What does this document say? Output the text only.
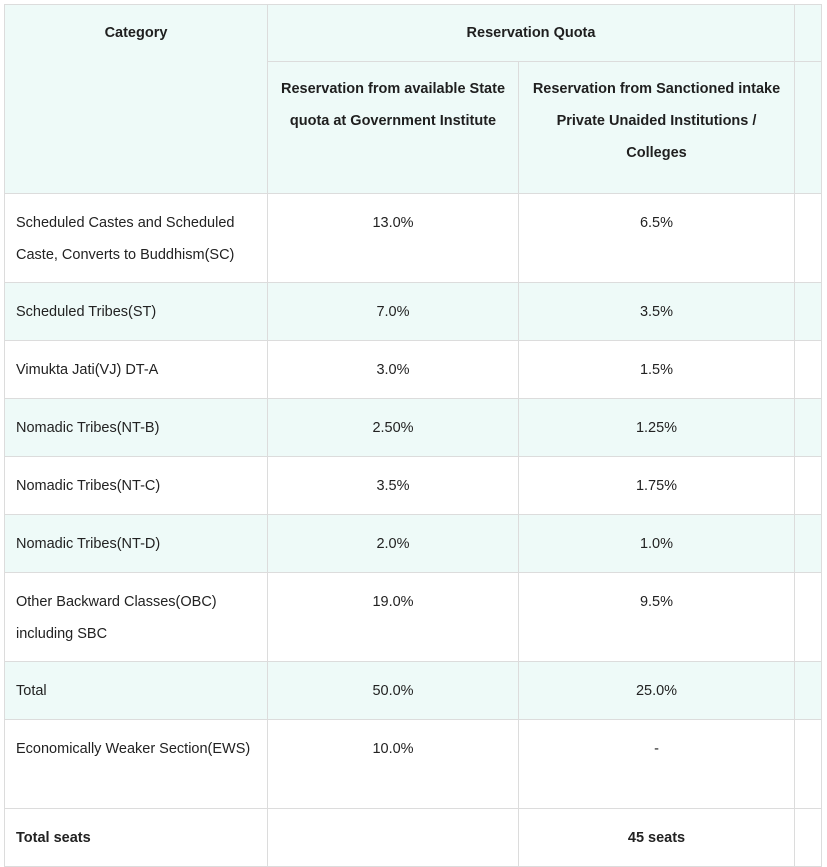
Category	Reservation Quota		
	Reservation from available State quota at Government Institute	Reservation from Sanctioned intake Private Unaided Institutions / Colleges	
Scheduled Castes and Scheduled Caste, Converts to Buddhism(SC)	13.0%	6.5%	
Scheduled Tribes(ST)	7.0%	3.5%	
Vimukta Jati(VJ) DT-A	3.0%	1.5%	
Nomadic Tribes(NT-B)	2.50%	1.25%	
Nomadic Tribes(NT-C)	3.5%	1.75%	
Nomadic Tribes(NT-D)	2.0%	1.0%	
Other Backward Classes(OBC) including SBC	19.0%	9.5%	
Total	50.0%	25.0%	
Economically Weaker Section(EWS)	10.0%	-	
Total seats		45 seats	
